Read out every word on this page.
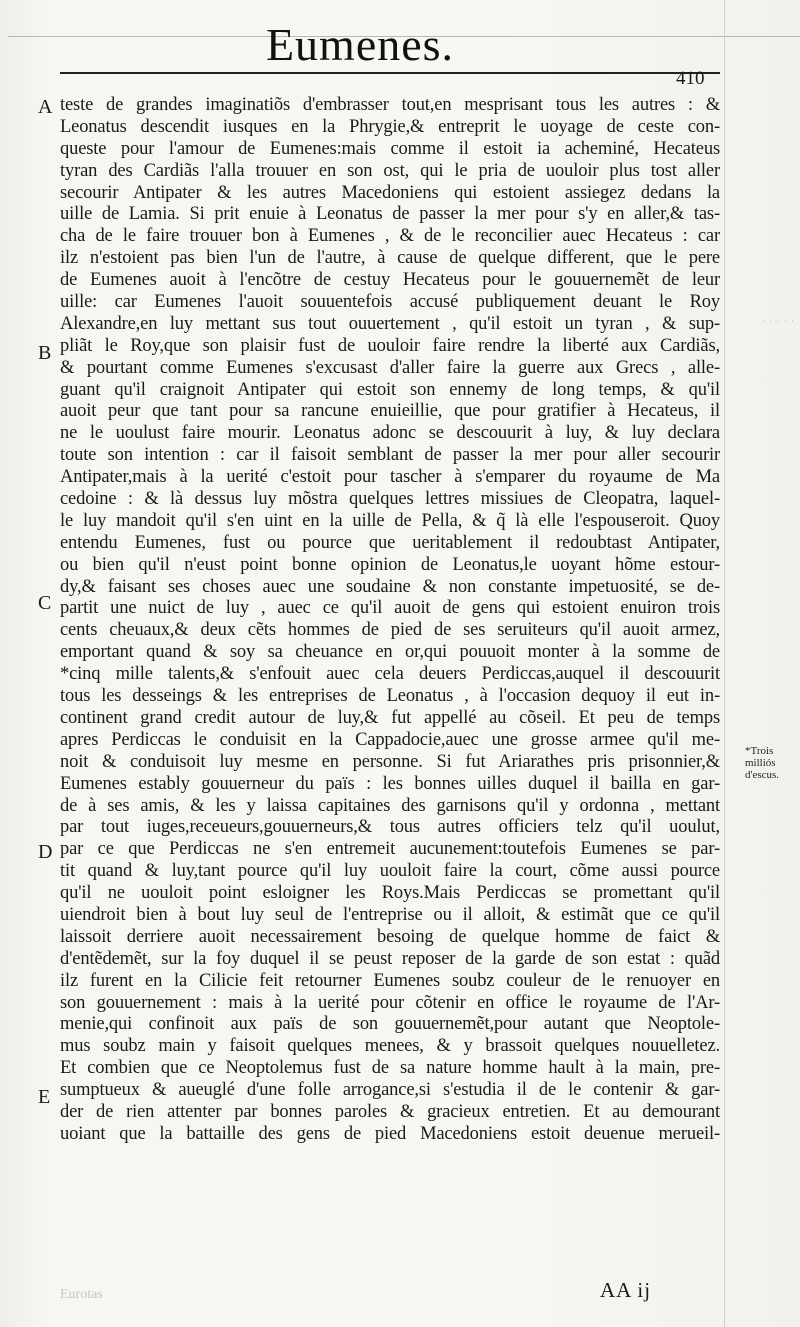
Eumenes.
410
A
B
C
D
E
· · · · ·
*Trois milliós d'escus.
teste de grandes imaginatiõs d'embrasser tout,en mesprisant tous les autres : &
Leonatus descendit iusques en la Phrygie,& entreprit le uoyage de ceste con-
queste pour l'amour de Eumenes:mais comme il estoit ia acheminé, Hecateus
tyran des Cardiãs l'alla trouuer en son ost, qui le pria de uouloir plus tost aller
secourir Antipater & les autres Macedoniens qui estoient assiegez dedans la
uille de Lamia. Si prit enuie à Leonatus de passer la mer pour s'y en aller,& tas-
cha de le faire trouuer bon à Eumenes , & de le reconcilier auec Hecateus : car
ilz n'estoient pas bien l'un de l'autre, à cause de quelque different, que le pere
de Eumenes auoit à l'encõtre de cestuy Hecateus pour le gouuernemẽt de leur
uille: car Eumenes l'auoit souuentefois accusé publiquement deuant le Roy
Alexandre,en luy mettant sus tout ouuertement , qu'il estoit un tyran , & sup-
pliãt le Roy,que son plaisir fust de uouloir faire rendre la liberté aux Cardiãs,
& pourtant comme Eumenes s'excusast d'aller faire la guerre aux Grecs , alle-
guant qu'il craignoit Antipater qui estoit son ennemy de long temps, & qu'il
auoit peur que tant pour sa rancune enuieillie, que pour gratifier à Hecateus, il
ne le uoulust faire mourir. Leonatus adonc se descouurit à luy, & luy declara
toute son intention : car il faisoit semblant de passer la mer pour aller secourir
Antipater,mais à la uerité c'estoit pour tascher à s'emparer du royaume de Ma
cedoine : & là dessus luy mõstra quelques lettres missiues de Cleopatra, laquel-
le luy mandoit qu'il s'en uint en la uille de Pella, & q̃ là elle l'espouseroit. Quoy
entendu Eumenes, fust ou pource que ueritablement il redoubtast Antipater,
ou bien qu'il n'eust point bonne opinion de Leonatus,le uoyant hõme estour-
dy,& faisant ses choses auec une soudaine & non constante impetuosité, se de-
partit une nuict de luy , auec ce qu'il auoit de gens qui estoient enuiron trois
cents cheuaux,& deux cẽts hommes de pied de ses seruiteurs qu'il auoit armez,
emportant quand & soy sa cheuance en or,qui pouuoit monter à la somme de
*cinq mille talents,& s'enfouit auec cela deuers Perdiccas,auquel il descouurit
tous les desseings & les entreprises de Leonatus , à l'occasion dequoy il eut in-
continent grand credit autour de luy,& fut appellé au cõseil. Et peu de temps
apres Perdiccas le conduisit en la Cappadocie,auec une grosse armee qu'il me-
noit & conduisoit luy mesme en personne. Si fut Ariarathes pris prisonnier,&
Eumenes estably gouuerneur du païs : les bonnes uilles duquel il bailla en gar-
de à ses amis, & les y laissa capitaines des garnisons qu'il y ordonna , mettant
par tout iuges,receueurs,gouuerneurs,& tous autres officiers telz qu'il uoulut,
par ce que Perdiccas ne s'en entremeit aucunement:toutefois Eumenes se par-
tit quand & luy,tant pource qu'il luy uouloit faire la court, cõme aussi pource
qu'il ne uouloit point esloigner les Roys.Mais Perdiccas se promettant qu'il
uiendroit bien à bout luy seul de l'entreprise ou il alloit, & estimãt que ce qu'il
laissoit derriere auoit necessairement besoing de quelque homme de faict &
d'entẽdemẽt, sur la foy duquel il se peust reposer de la garde de son estat : quãd
ilz furent en la Cilicie feit retourner Eumenes soubz couleur de le renuoyer en
son gouuernement : mais à la uerité pour cõtenir en office le royaume de l'Ar-
menie,qui confinoit aux païs de son gouuernemẽt,pour autant que Neoptole-
mus soubz main y faisoit quelques menees, & y brassoit quelques nouuelletez.
Et combien que ce Neoptolemus fust de sa nature homme hault à la main, pre-
sumptueux & aueuglé d'une folle arrogance,si s'estudia il de le contenir & gar-
der de rien attenter par bonnes paroles & gracieux entretien. Et au demourant
uoiant que la battaille des gens de pied Macedoniens estoit deuenue merueil-
Eurotas	AA ij
